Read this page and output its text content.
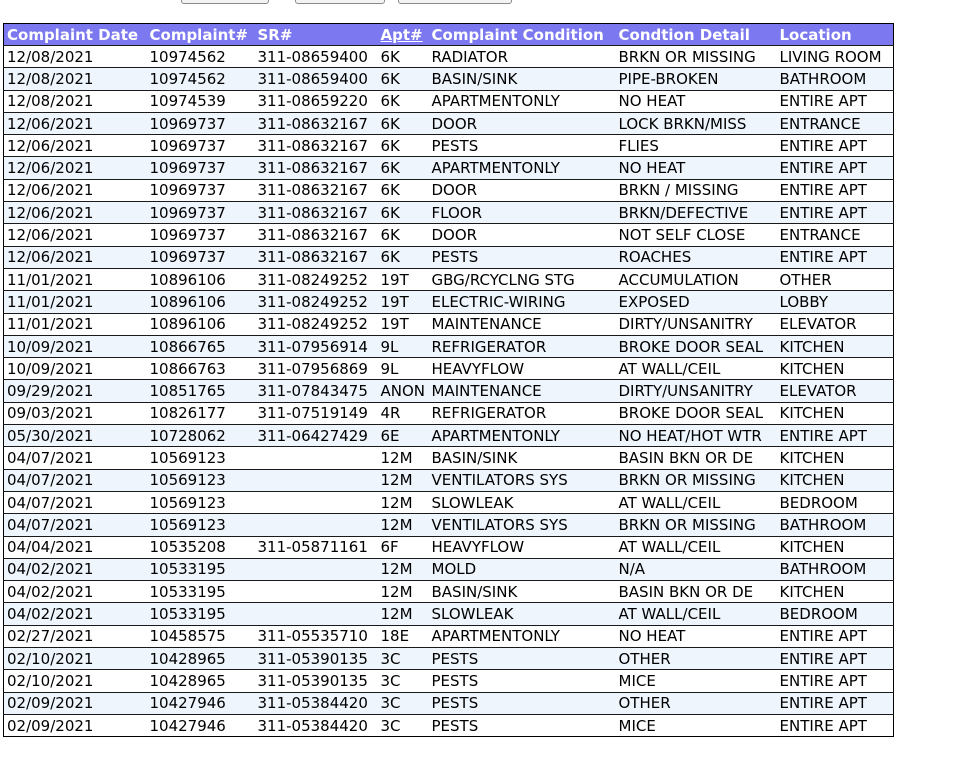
Complaint Date	Complaint#	SR#	Apt#	Complaint Condition	Condtion Detail	Location
12/08/2021	10974562	311-08659400	6K	RADIATOR	BRKN OR MISSING	LIVING ROOM
12/08/2021	10974562	311-08659400	6K	BASIN/SINK	PIPE-BROKEN	BATHROOM
12/08/2021	10974539	311-08659220	6K	APARTMENTONLY	NO HEAT	ENTIRE APT
12/06/2021	10969737	311-08632167	6K	DOOR	LOCK BRKN/MISS	ENTRANCE
12/06/2021	10969737	311-08632167	6K	PESTS	FLIES	ENTIRE APT
12/06/2021	10969737	311-08632167	6K	APARTMENTONLY	NO HEAT	ENTIRE APT
12/06/2021	10969737	311-08632167	6K	DOOR	BRKN / MISSING	ENTIRE APT
12/06/2021	10969737	311-08632167	6K	FLOOR	BRKN/DEFECTIVE	ENTIRE APT
12/06/2021	10969737	311-08632167	6K	DOOR	NOT SELF CLOSE	ENTRANCE
12/06/2021	10969737	311-08632167	6K	PESTS	ROACHES	ENTIRE APT
11/01/2021	10896106	311-08249252	19T	GBG/RCYCLNG STG	ACCUMULATION	OTHER
11/01/2021	10896106	311-08249252	19T	ELECTRIC-WIRING	EXPOSED	LOBBY
11/01/2021	10896106	311-08249252	19T	MAINTENANCE	DIRTY/UNSANITRY	ELEVATOR
10/09/2021	10866765	311-07956914	9L	REFRIGERATOR	BROKE DOOR SEAL	KITCHEN
10/09/2021	10866763	311-07956869	9L	HEAVYFLOW	AT WALL/CEIL	KITCHEN
09/29/2021	10851765	311-07843475	ANON	MAINTENANCE	DIRTY/UNSANITRY	ELEVATOR
09/03/2021	10826177	311-07519149	4R	REFRIGERATOR	BROKE DOOR SEAL	KITCHEN
05/30/2021	10728062	311-06427429	6E	APARTMENTONLY	NO HEAT/HOT WTR	ENTIRE APT
04/07/2021	10569123		12M	BASIN/SINK	BASIN BKN OR DE	KITCHEN
04/07/2021	10569123		12M	VENTILATORS SYS	BRKN OR MISSING	KITCHEN
04/07/2021	10569123		12M	SLOWLEAK	AT WALL/CEIL	BEDROOM
04/07/2021	10569123		12M	VENTILATORS SYS	BRKN OR MISSING	BATHROOM
04/04/2021	10535208	311-05871161	6F	HEAVYFLOW	AT WALL/CEIL	KITCHEN
04/02/2021	10533195		12M	MOLD	N/A	BATHROOM
04/02/2021	10533195		12M	BASIN/SINK	BASIN BKN OR DE	KITCHEN
04/02/2021	10533195		12M	SLOWLEAK	AT WALL/CEIL	BEDROOM
02/27/2021	10458575	311-05535710	18E	APARTMENTONLY	NO HEAT	ENTIRE APT
02/10/2021	10428965	311-05390135	3C	PESTS	OTHER	ENTIRE APT
02/10/2021	10428965	311-05390135	3C	PESTS	MICE	ENTIRE APT
02/09/2021	10427946	311-05384420	3C	PESTS	OTHER	ENTIRE APT
02/09/2021	10427946	311-05384420	3C	PESTS	MICE	ENTIRE APT
